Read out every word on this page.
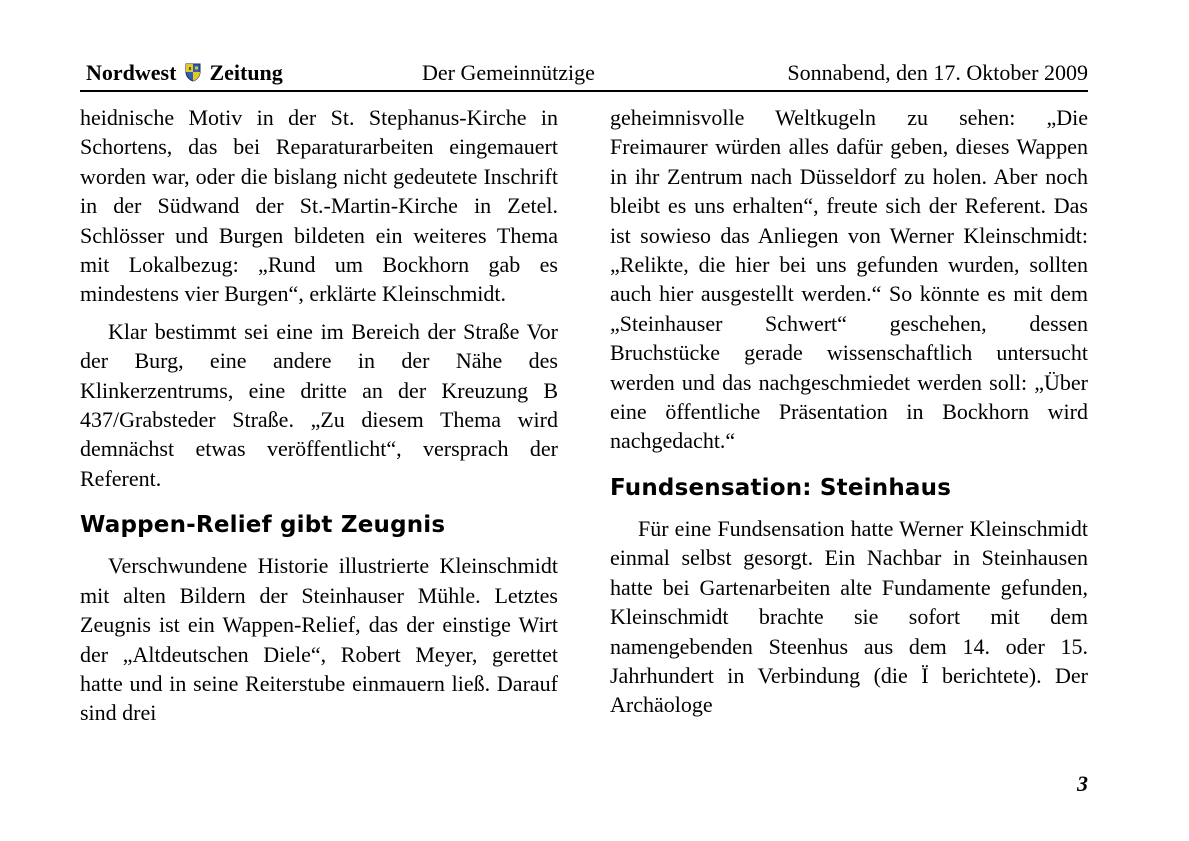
Nordwest Zeitung	Der Gemeinnützige	Sonnabend, den 17. Oktober 2009

heidnische Motiv in der St. Stephanus-Kirche in Schortens, das bei Reparaturarbeiten eingemauert worden war, oder die bislang nicht gedeutete Inschrift in der Südwand der St.-Martin-Kirche in Zetel. Schlösser und Burgen bildeten ein weiteres Thema mit Lokalbezug: „Rund um Bockhorn gab es mindestens vier Burgen“, erklärte Kleinschmidt.

Klar bestimmt sei eine im Bereich der Straße Vor der Burg, eine andere in der Nähe des Klinkerzentrums, eine dritte an der Kreuzung B 437/Grabsteder Straße. „Zu diesem Thema wird demnächst etwas veröffentlicht“, versprach der Referent.

Wappen-Relief gibt Zeugnis

Verschwundene Historie illustrierte Kleinschmidt mit alten Bildern der Steinhauser Mühle. Letztes Zeugnis ist ein Wappen-Relief, das der einstige Wirt der „Altdeutschen Diele“, Robert Meyer, gerettet hatte und in seine Reiterstube einmauern ließ. Darauf sind drei

geheimnisvolle Weltkugeln zu sehen: „Die Freimaurer würden alles dafür geben, dieses Wappen in ihr Zentrum nach Düsseldorf zu holen. Aber noch bleibt es uns erhalten“, freute sich der Referent. Das ist sowieso das Anliegen von Werner Kleinschmidt: „Relikte, die hier bei uns gefunden wurden, sollten auch hier ausgestellt werden.“ So könnte es mit dem „Steinhauser Schwert“ geschehen, dessen Bruchstücke gerade wissenschaftlich untersucht werden und das nachgeschmiedet werden soll: „Über eine öffentliche Präsentation in Bockhorn wird nachgedacht.“

Fundsensation: Steinhaus

Für eine Fundsensation hatte Werner Kleinschmidt einmal selbst gesorgt. Ein Nachbar in Steinhausen hatte bei Gartenarbeiten alte Fundamente gefunden, Kleinschmidt brachte sie sofort mit dem namengebenden Steenhus aus dem 14. oder 15. Jahrhundert in Verbindung (die Ï berichtete). Der Archäologe

3
